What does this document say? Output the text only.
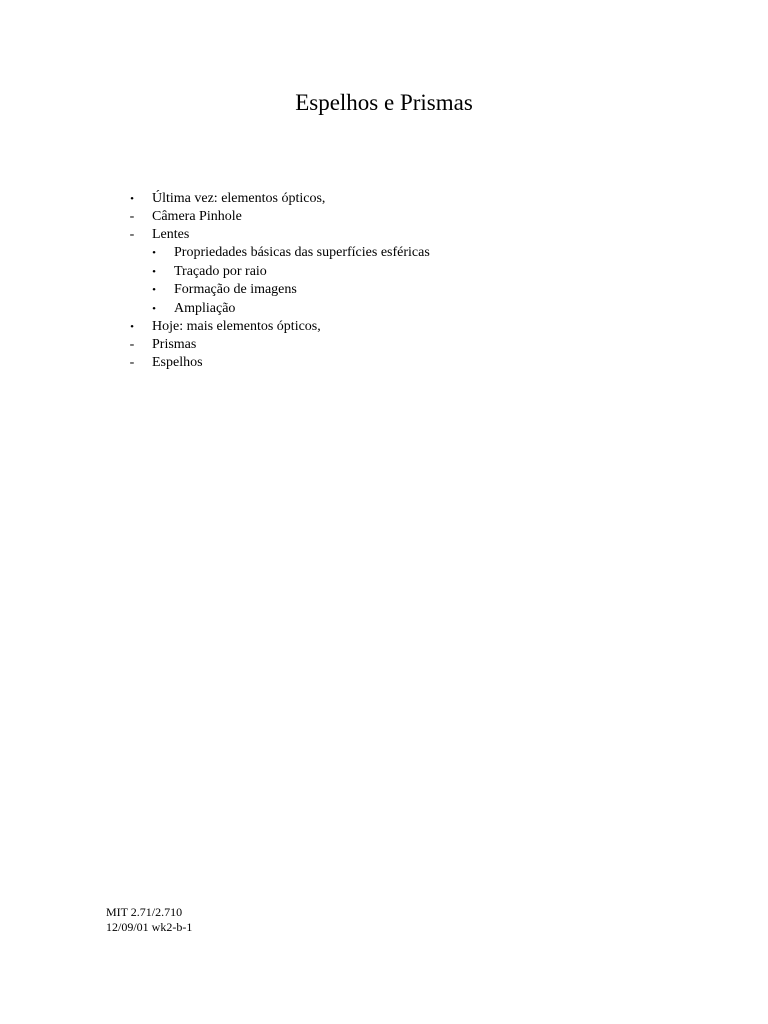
Espelhos e Prismas
• Última vez: elementos ópticos,
- Câmera Pinhole
- Lentes
• Propriedades básicas das superfícies esféricas
• Traçado por raio
• Formação de imagens
• Ampliação
• Hoje: mais elementos ópticos,
- Prismas
- Espelhos
MIT 2.71/2.710
12/09/01 wk2-b-1
